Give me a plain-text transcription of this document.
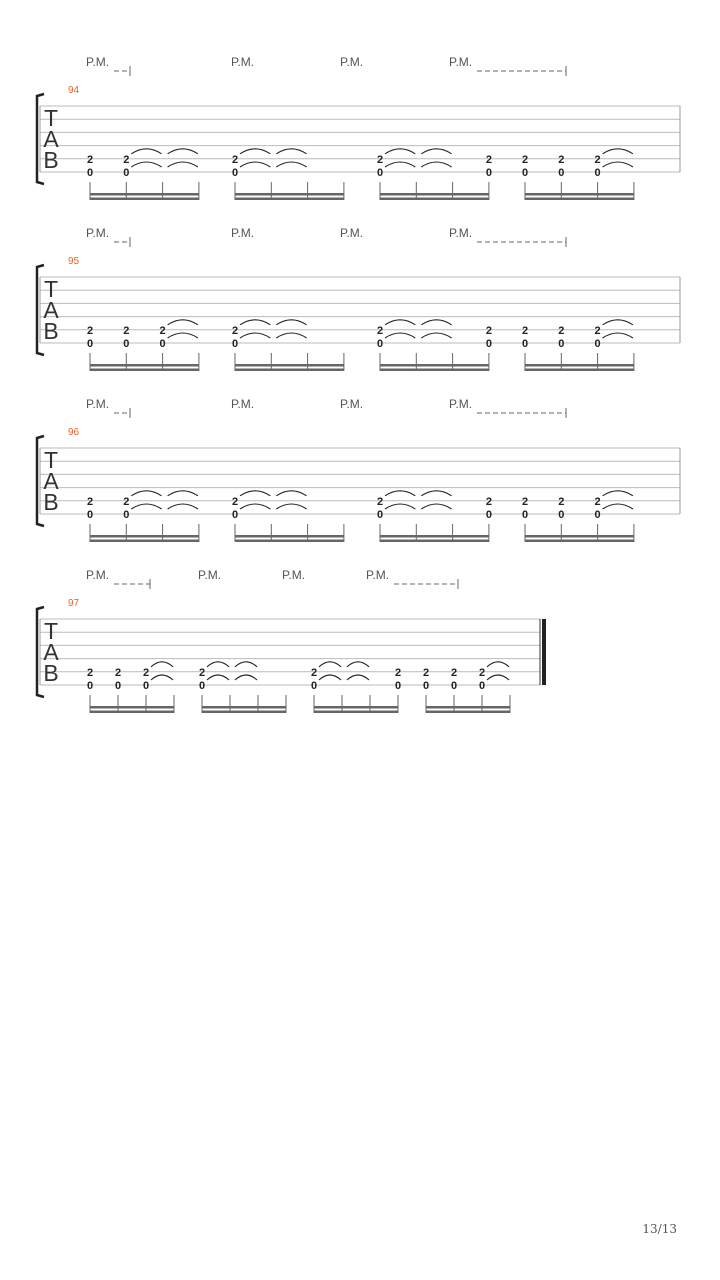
P.M.	P.M.	P.M.	P.M.
94
T
A
B	2
0
2
0
2
0
2
0
2
0
2
0
2
0
2
0
P.M.	P.M.	P.M.	P.M.
95
T
A
B	2
0
2
0
2
0
2
0
2
0
2
0
2
0
2
0
2
0
P.M.	P.M.	P.M.	P.M.
96
T
A
B	2
0
2
0
2
0
2
0
2
0
2
0
2
0
2
0
P.M.	P.M.	P.M.	P.M.
97
T
A
B	2
0
2
0
2
0
2
0
2
0
2
0
2
0
2
0
2
0
13/13
